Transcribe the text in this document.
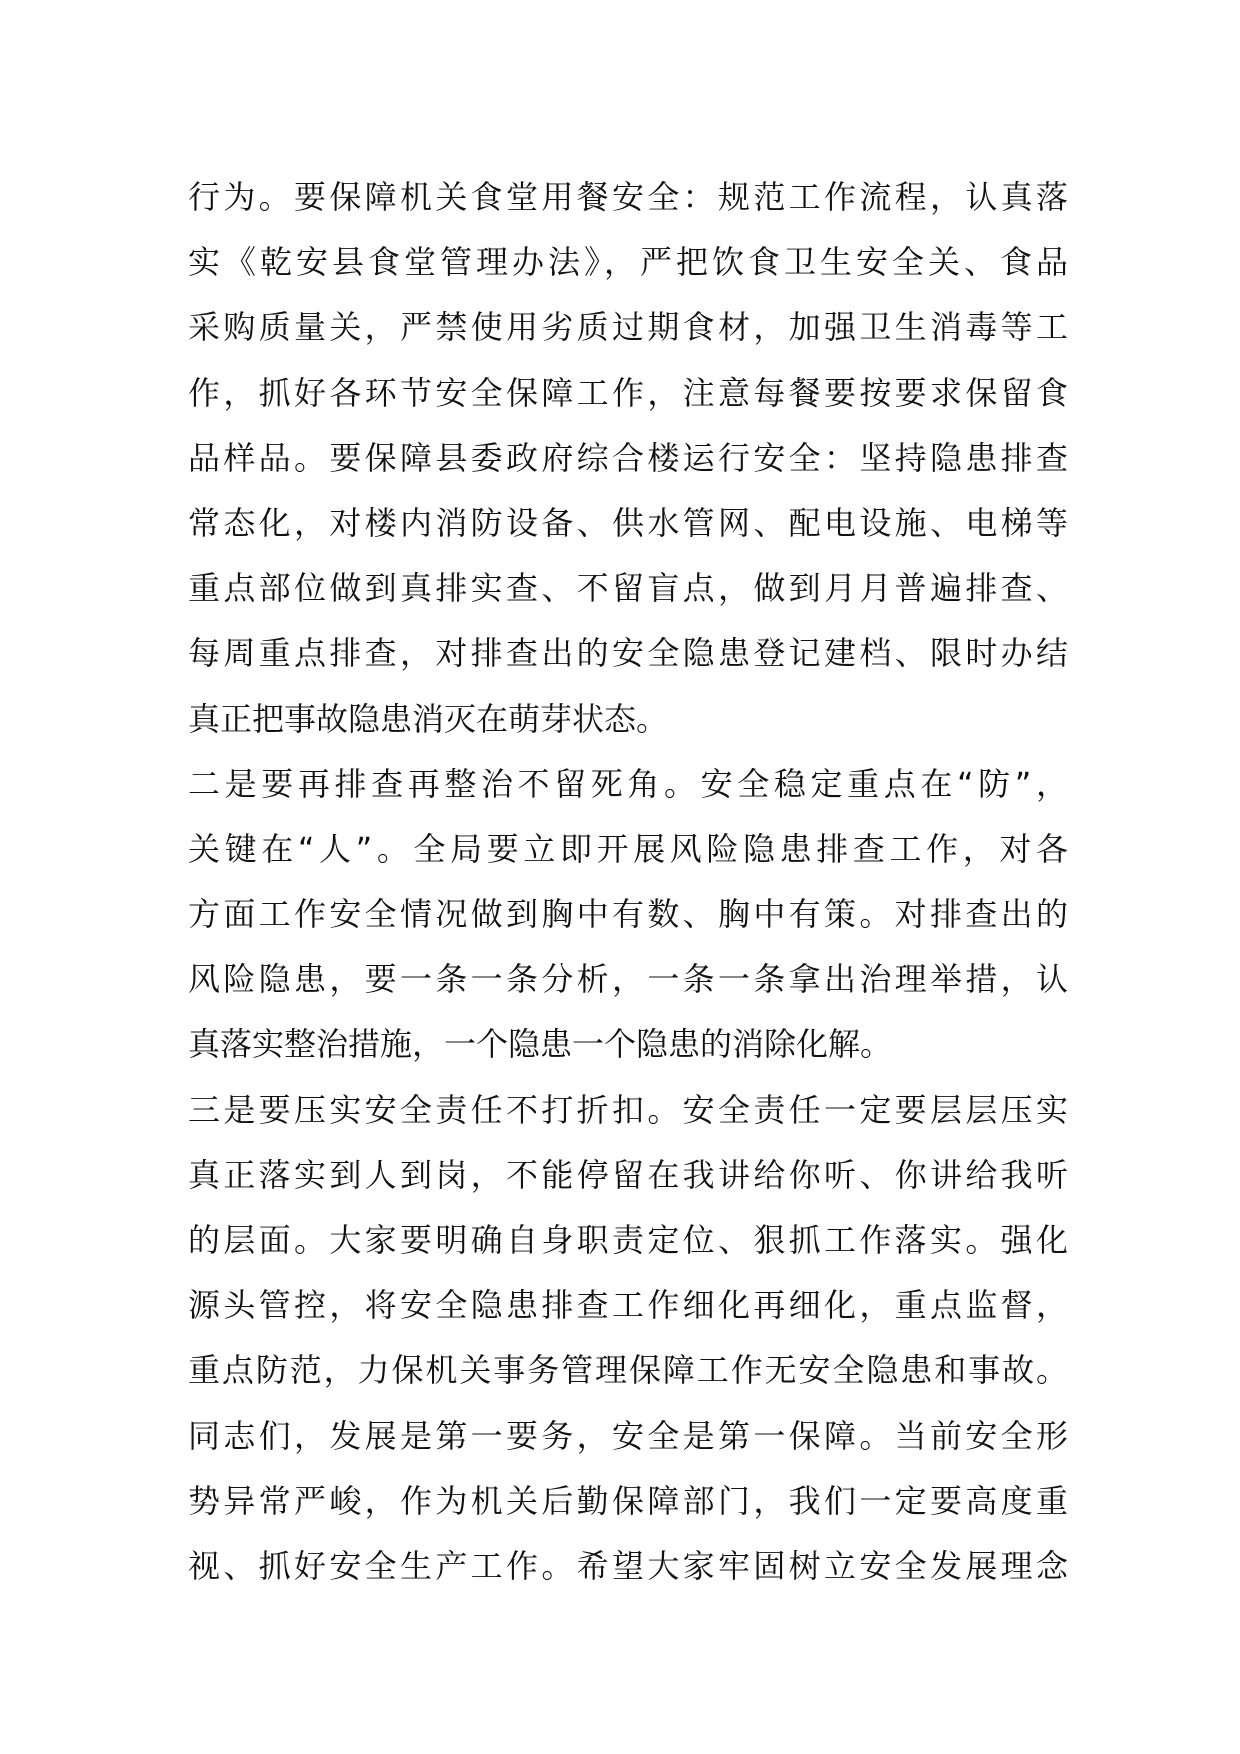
行为。要保障机关食堂用餐安全：规范工作流程，认真落
实《乾安县食堂管理办法》，严把饮食卫生安全关、食品
采购质量关，严禁使用劣质过期食材，加强卫生消毒等工
作，抓好各环节安全保障工作，注意每餐要按要求保留食
品样品。要保障县委政府综合楼运行安全：坚持隐患排查
常态化，对楼内消防设备、供水管网、配电设施、电梯等
重点部位做到真排实查、不留盲点，做到月月普遍排查、
每周重点排查，对排查出的安全隐患登记建档、限时办结
真正把事故隐患消灭在萌芽状态。
二是要再排查再整治不留死角。安全稳定重点在“防”，
关键在“人”。全局要立即开展风险隐患排查工作，对各
方面工作安全情况做到胸中有数、胸中有策。对排查出的
风险隐患，要一条一条分析，一条一条拿出治理举措，认
真落实整治措施，一个隐患一个隐患的消除化解。
三是要压实安全责任不打折扣。安全责任一定要层层压实
真正落实到人到岗，不能停留在我讲给你听、你讲给我听
的层面。大家要明确自身职责定位、狠抓工作落实。强化
源头管控，将安全隐患排查工作细化再细化，重点监督，
重点防范，力保机关事务管理保障工作无安全隐患和事故。
同志们，发展是第一要务，安全是第一保障。当前安全形
势异常严峻，作为机关后勤保障部门，我们一定要高度重
视、抓好安全生产工作。希望大家牢固树立安全发展理念
